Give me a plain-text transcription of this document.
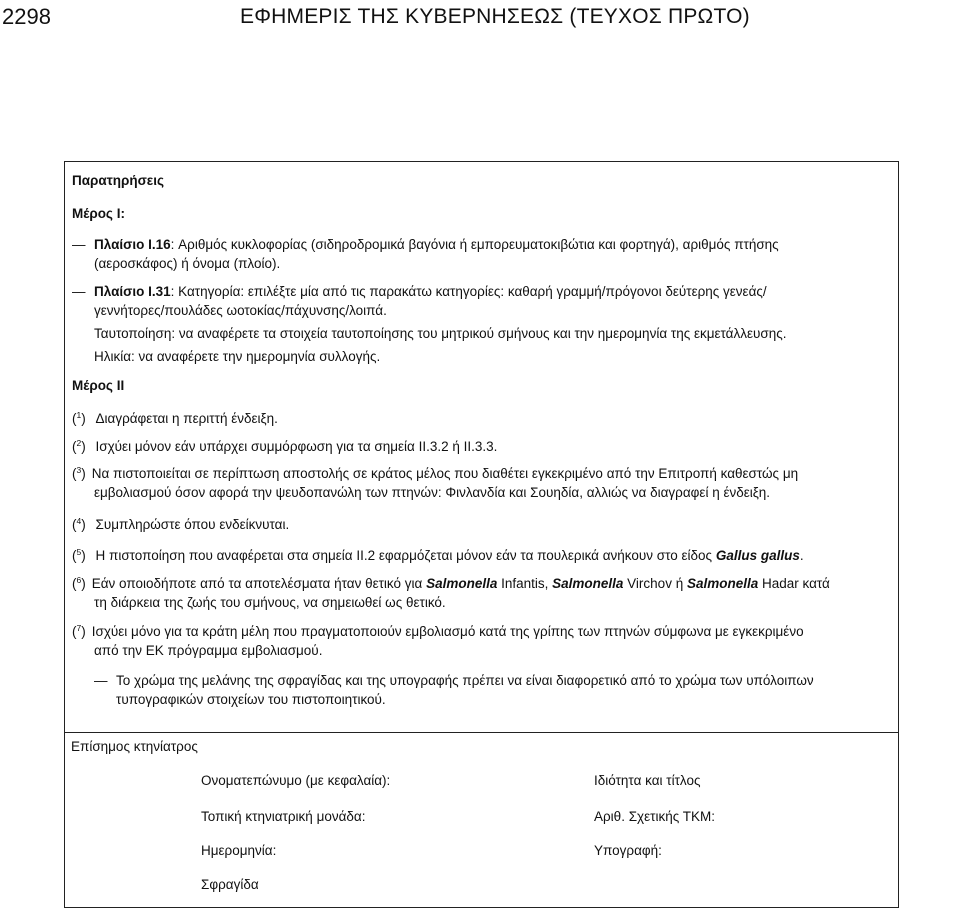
2298	ΕΦΗΜΕΡΙΣ ΤΗΣ ΚΥΒΕΡΝΗΣΕΩΣ (ΤΕΥΧΟΣ ΠΡΩΤΟ)
Παρατηρήσεις
Μέρος I:
— Πλαίσιο I.16: Αριθμός κυκλοφορίας (σιδηροδρομικά βαγόνια ή εμπορευματοκιβώτια και φορτηγά), αριθμός πτήσης
(αεροσκάφος) ή όνομα (πλοίο).
— Πλαίσιο I.31: Κατηγορία: επιλέξτε μία από τις παρακάτω κατηγορίες: καθαρή γραμμή/πρόγονοι δεύτερης γενεάς/
γεννήτορες/πουλάδες ωοτοκίας/πάχυνσης/λοιπά.
Ταυτοποίηση: να αναφέρετε τα στοιχεία ταυτοποίησης του μητρικού σμήνους και την ημερομηνία της εκμετάλλευσης.
Ηλικία: να αναφέρετε την ημερομηνία συλλογής.
Μέρος II
($^1$) Διαγράφεται η περιττή ένδειξη.
($^2$) Ισχύει μόνον εάν υπάρχει συμμόρφωση για τα σημεία II.3.2 ή II.3.3.
($^3$) Να πιστοποιείται σε περίπτωση αποστολής σε κράτος μέλος που διαθέτει εγκεκριμένο από την Επιτροπή καθεστώς μη
εμβολιασμού όσον αφορά την ψευδοπανώλη των πτηνών: Φινλανδία και Σουηδία, αλλιώς να διαγραφεί η ένδειξη.
($^4$) Συμπληρώστε όπου ενδείκνυται.
($^5$) Η πιστοποίηση που αναφέρεται στα σημεία II.2 εφαρμόζεται μόνον εάν τα πουλερικά ανήκουν στο είδος Gallus gallus.
($^6$) Εάν οποιοδήποτε από τα αποτελέσματα ήταν θετικό για Salmonella Infantis, Salmonella Virchov ή Salmonella Hadar κατά
τη διάρκεια της ζωής του σμήνους, να σημειωθεί ως θετικό.
($^7$) Ισχύει μόνο για τα κράτη μέλη που πραγματοποιούν εμβολιασμό κατά της γρίπης των πτηνών σύμφωνα με εγκεκριμένο
από την ΕΚ πρόγραμμα εμβολιασμού.
— Το χρώμα της μελάνης της σφραγίδας και της υπογραφής πρέπει να είναι διαφορετικό από το χρώμα των υπόλοιπων
τυπογραφικών στοιχείων του πιστοποιητικού.
Επίσημος κτηνίατρος
Ονοματεπώνυμο (με κεφαλαία):	Ιδιότητα και τίτλος
Τοπική κτηνιατρική μονάδα:	Αριθ. Σχετικής ΤΚΜ:
Ημερομηνία:	Υπογραφή:
Σφραγίδα
